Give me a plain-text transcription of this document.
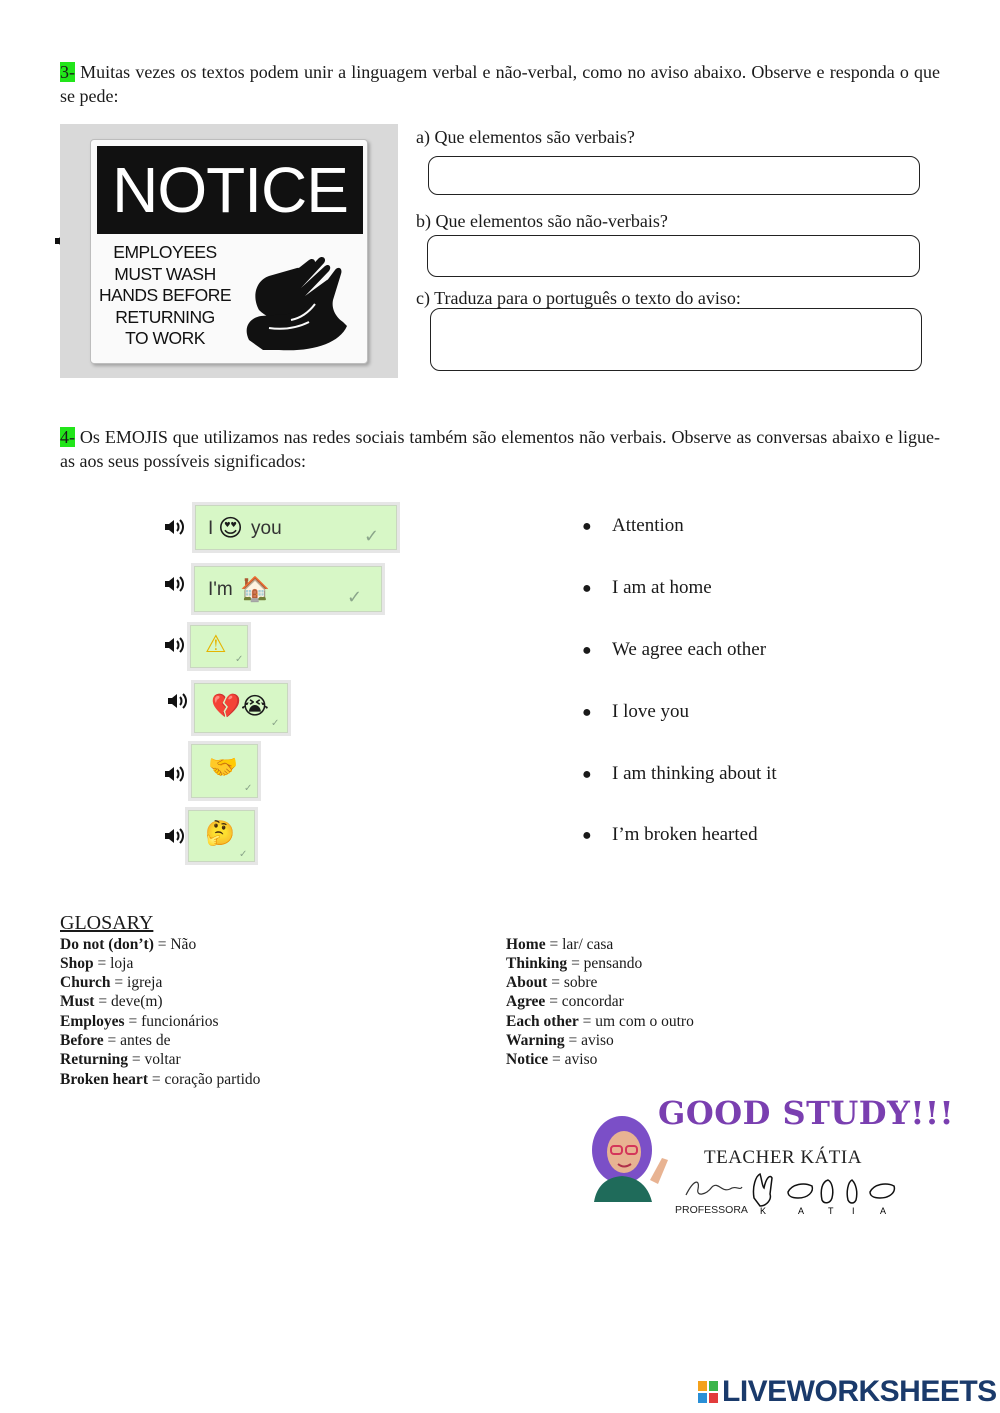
3- Muitas vezes os textos podem unir a linguagem verbal e não-verbal, como no aviso abaixo. Observe e responda o que se pede:

NOTICE
EMPLOYEES
MUST WASH
HANDS BEFORE
RETURNING
TO WORK
a) Que elementos são verbais?
b) Que elementos são não-verbais?
c) Traduza para o português o texto do aviso:

4- Os EMOJIS que utilizamos nas redes sociais também são elementos não verbais. Observe as conversas abaixo e ligue-as aos seus possíveis significados:

I 😍 you	✓
I'm 🏠	✓
⚠
✓
💔😭
✓
🤝
✓
🤔
✓
● Attention
● I am at home
● We agree each other
● I love you
● I am thinking about it
● I’m broken hearted
GLOSARY
Do not (don’t) = Não
Shop = loja
Church = igreja
Must = deve(m)
Employes = funcionários
Before = antes de
Returning = voltar
Broken heart = coração partido
Home = lar/ casa
Thinking = pensando
About = sobre
Agree = concordar
Each other = um com o outro
Warning = aviso
Notice = aviso
GOOD STUDY!!!
TEACHER KÁTIA
PROFESSORA K	A	T I	A
LIVEWORKSHEETS
